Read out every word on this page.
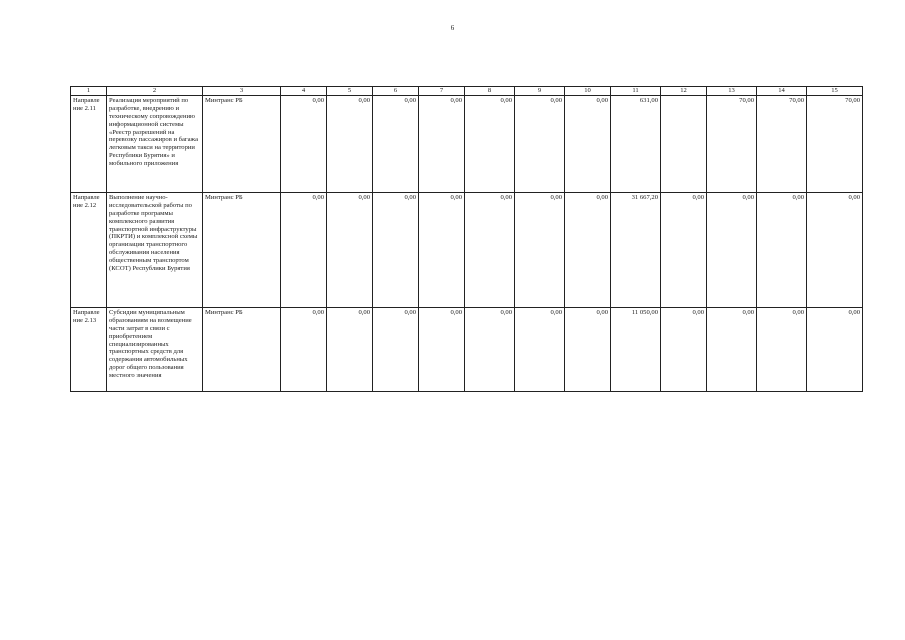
6
1	2	3	4	5	6	7	8	9	10	11	12	13	14	15
Направле ние 2.11	Реализация мероприятий по разработке, внедрению и техническому сопровождению информационной системы «Реестр разрешений на перевозку пассажиров и багажа легковым такси на территории Республики Бурятия» и мобильного приложения	Минтранс РБ	0,00	0,00	0,00	0,00	0,00	0,00	0,00	631,00		70,00	70,00	70,00
Направле ние 2.12	Выполнение научно-исследовательской работы по разработке программы комплексного развития транспортной инфраструктуры (ПКРТИ) и комплексной схемы организации транспортного обслуживания населения общественным транспортом (КСОТ) Республики Бурятия	Минтранс РБ	0,00	0,00	0,00	0,00	0,00	0,00	0,00	31 667,20	0,00	0,00	0,00	0,00
Направле ние 2.13	Субсидии муниципальным образованиям на возмещение части затрат в связи с приобретением специализированных транспортных средств для содержания автомобильных дорог общего пользования местного значения	Минтранс РБ	0,00	0,00	0,00	0,00	0,00	0,00	0,00	11 050,00	0,00	0,00	0,00	0,00
